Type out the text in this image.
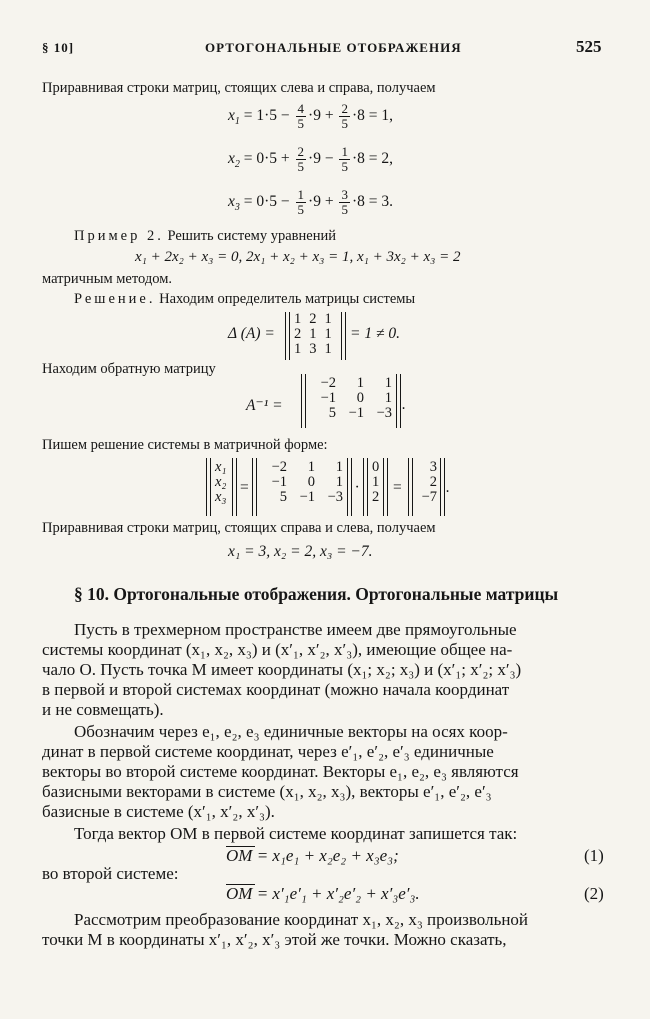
§ 10]	ОРТОГОНАЛЬНЫЕ ОТОБРАЖЕНИЯ	525
Приравнивая строки матриц, стоящих слева и справа, получаем
$x_1 = 1\cdot 5 - \frac{4}{5} \cdot 9 + \frac{2}{5} \cdot 8 = 1$,
$x_2 = 0\cdot 5 + \frac{2}{5} \cdot 9 - \frac{1}{5} \cdot 8 = 2$,
$x_3 = 0\cdot 5 - \frac{1}{5} \cdot 9 + \frac{3}{5} \cdot 8 = 3$.
Пример 2. Решить систему уравнений
x₁ + 2x₂ + x₃ = 0, 2x₁ + x₂ + x₃ = 1, x₁ + 3x₂ + x₃ = 2
матричным методом.
Решение. Находим определитель матрицы системы
Δ (A) =
1	2	1
2	1	1
1	3	1
= 1 ≠ 0.
Находим обратную матрицу
A⁻¹ =
−2	1	1
−1	0	1
5	−1	−3 .
Пишем решение системы в матричной форме:
x₁
x₂
x₃
=
−2	1	1
−1	0	1
5	−1	−3
·
0
1
2
=
3
2
−7
.
Приравнивая строки матриц, стоящих справа и слева, получаем
x₁ = 3, x₂ = 2, x₃ = −7.
§ 10. Ортогональные отображения. Ортогональные матрицы
Пусть в трехмерном пространстве имеем две прямоугольные
системы координат (x₁, x₂, x₃) и (x′₁, x′₂, x′₃), имеющие общее на-
чало O. Пусть точка M имеет координаты (x₁; x₂; x₃) и (x′₁; x′₂; x′₃)
в первой и второй системах координат (можно начала координат
и не совмещать).
Обозначим через e₁, e₂, e₃ единичные векторы на осях коор-
динат в первой системе координат, через e′₁, e′₂, e′₃ единичные
векторы во второй системе координат. Векторы e₁, e₂, e₃ являются
базисными векторами в системе (x₁, x₂, x₃), векторы e′₁, e′₂, e′₃
базисные в системе (x′₁, x′₂, x′₃).
Тогда вектор OM в первой системе координат запишется так:
OM = x₁e₁ + x₂e₂ + x₃e₃;	(1)
во второй системе:
OM = x′₁e′₁ + x′₂e′₂ + x′₃e′₃.	(2)
Рассмотрим преобразование координат x₁, x₂, x₃ произвольной
точки M в координаты x′₁, x′₂, x′₃ этой же точки. Можно сказать,
